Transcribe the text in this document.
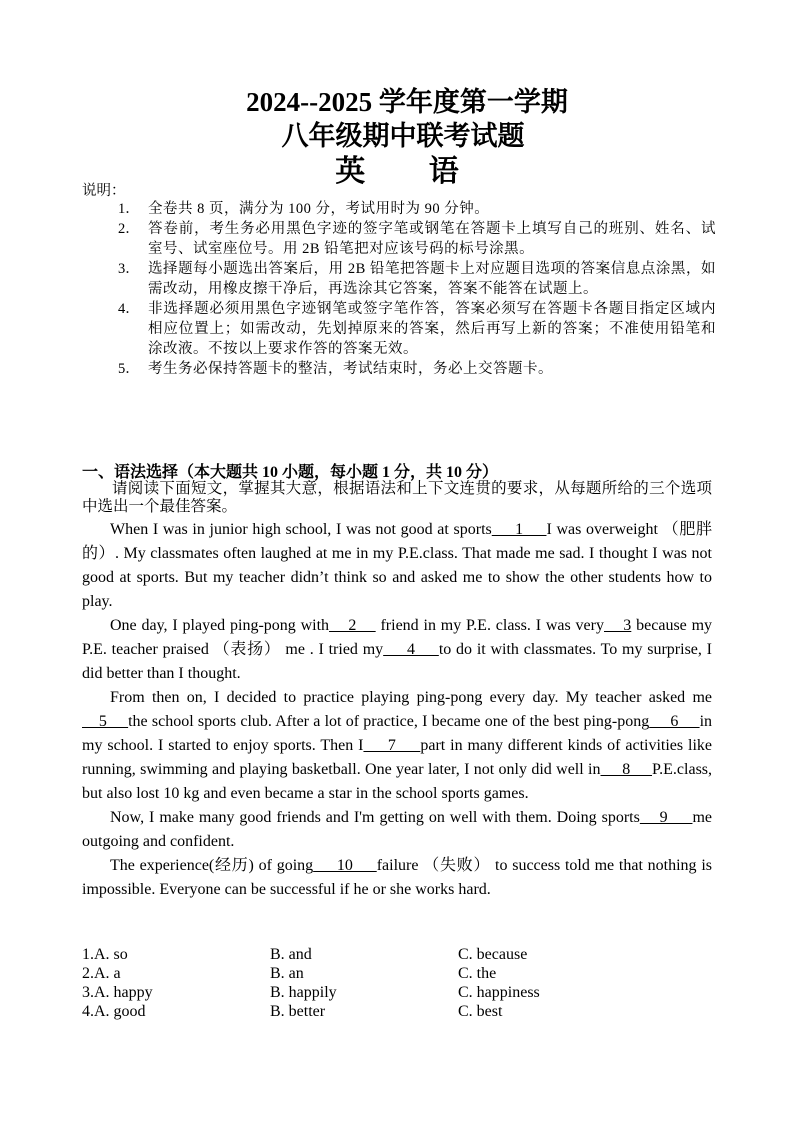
2024--2025 学年度第一学期
八年级期中联考试题
英 语
说明：
1． 全卷共 8 页，满分为 100 分，考试用时为 90 分钟。
2． 答卷前，考生务必用黑色字迹的签字笔或钢笔在答题卡上填写自己的班别、姓名、试室号、试室座位号。用 2B 铅笔把对应该号码的标号涂黑。
3． 选择题每小题选出答案后，用 2B 铅笔把答题卡上对应题目选项的答案信息点涂黑，如需改动，用橡皮擦干净后，再选涂其它答案，答案不能答在试题上。
4． 非选择题必须用黑色字迹钢笔或签字笔作答，答案必须写在答题卡各题目指定区域内相应位置上；如需改动，先划掉原来的答案，然后再写上新的答案；不准使用铅笔和涂改液。不按以上要求作答的答案无效。
5． 考生务必保持答题卡的整洁，考试结束时，务必上交答题卡。
一、语法选择（本大题共 10 小题，每小题 1 分，共 10 分）
请阅读下面短文，掌握其大意，根据语法和上下文连贯的要求，从每题所给的三个选项中选出一个最佳答案。

When I was in junior high school, I was not good at sports     1     I was overweight （肥胖的）. My classmates often laughed at me in my P.E.class. That made me sad. I thought I was not good at sports. But my teacher didn’t think so and asked me to show the other students how to play.

One day, I played ping-pong with    2     friend in my P.E. class. I was very    3 because my P.E. teacher praised （表扬） me . I tried my     4     to do it with classmates. To my surprise, I did better than I thought.

From then on, I decided to practice playing ping-pong every day. My teacher asked me     5     the school sports club. After a lot of practice, I became one of the best ping-pong     6     in my school. I started to enjoy sports. Then I     7     part in many different kinds of activities like running, swimming and playing basketball. One year later, I not only did well in     8     P.E.class, but also lost 10 kg and even became a star in the school sports games.

Now, I make many good friends and I'm getting on well with them. Doing sports    9     me outgoing and confident.

The experience(经历) of going     10     failure （失败） to success told me that nothing is impossible. Everyone can be successful if he or she works hard.

1.A. so	B. and	C. because
2.A. a	B. an	C. the
3.A. happy	B. happily	C. happiness
4.A. good	B. better	C. best
